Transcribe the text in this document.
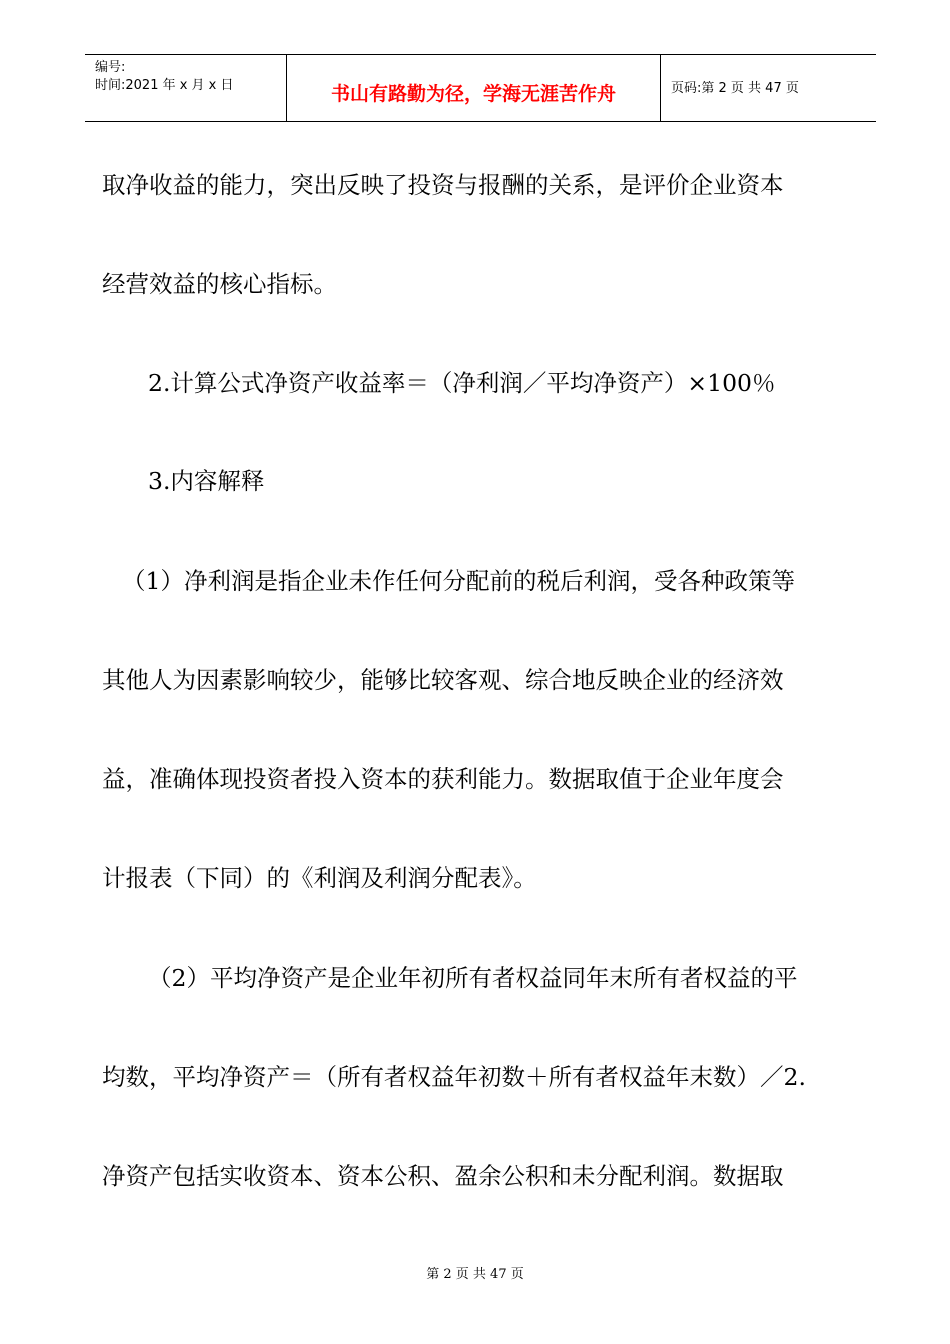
编号:
时间:2021 年 x 月 x 日	书山有路勤为径，学海无涯苦作舟	页码:第 2 页 共 47 页
取净收益的能力，突出反映了投资与报酬的关系，是评价企业资本
经营效益的核心指标。
2.计算公式净资产收益率＝（净利润／平均净资产）×100％
3.内容解释
（1）净利润是指企业未作任何分配前的税后利润，受各种政策等
其他人为因素影响较少，能够比较客观、综合地反映企业的经济效
益，准确体现投资者投入资本的获利能力。数据取值于企业年度会
计报表（下同）的《利润及利润分配表》。
（2）平均净资产是企业年初所有者权益同年末所有者权益的平
均数，平均净资产＝（所有者权益年初数＋所有者权益年末数）／2.
净资产包括实收资本、资本公积、盈余公积和未分配利润。数据取
第 2 页 共 47 页
